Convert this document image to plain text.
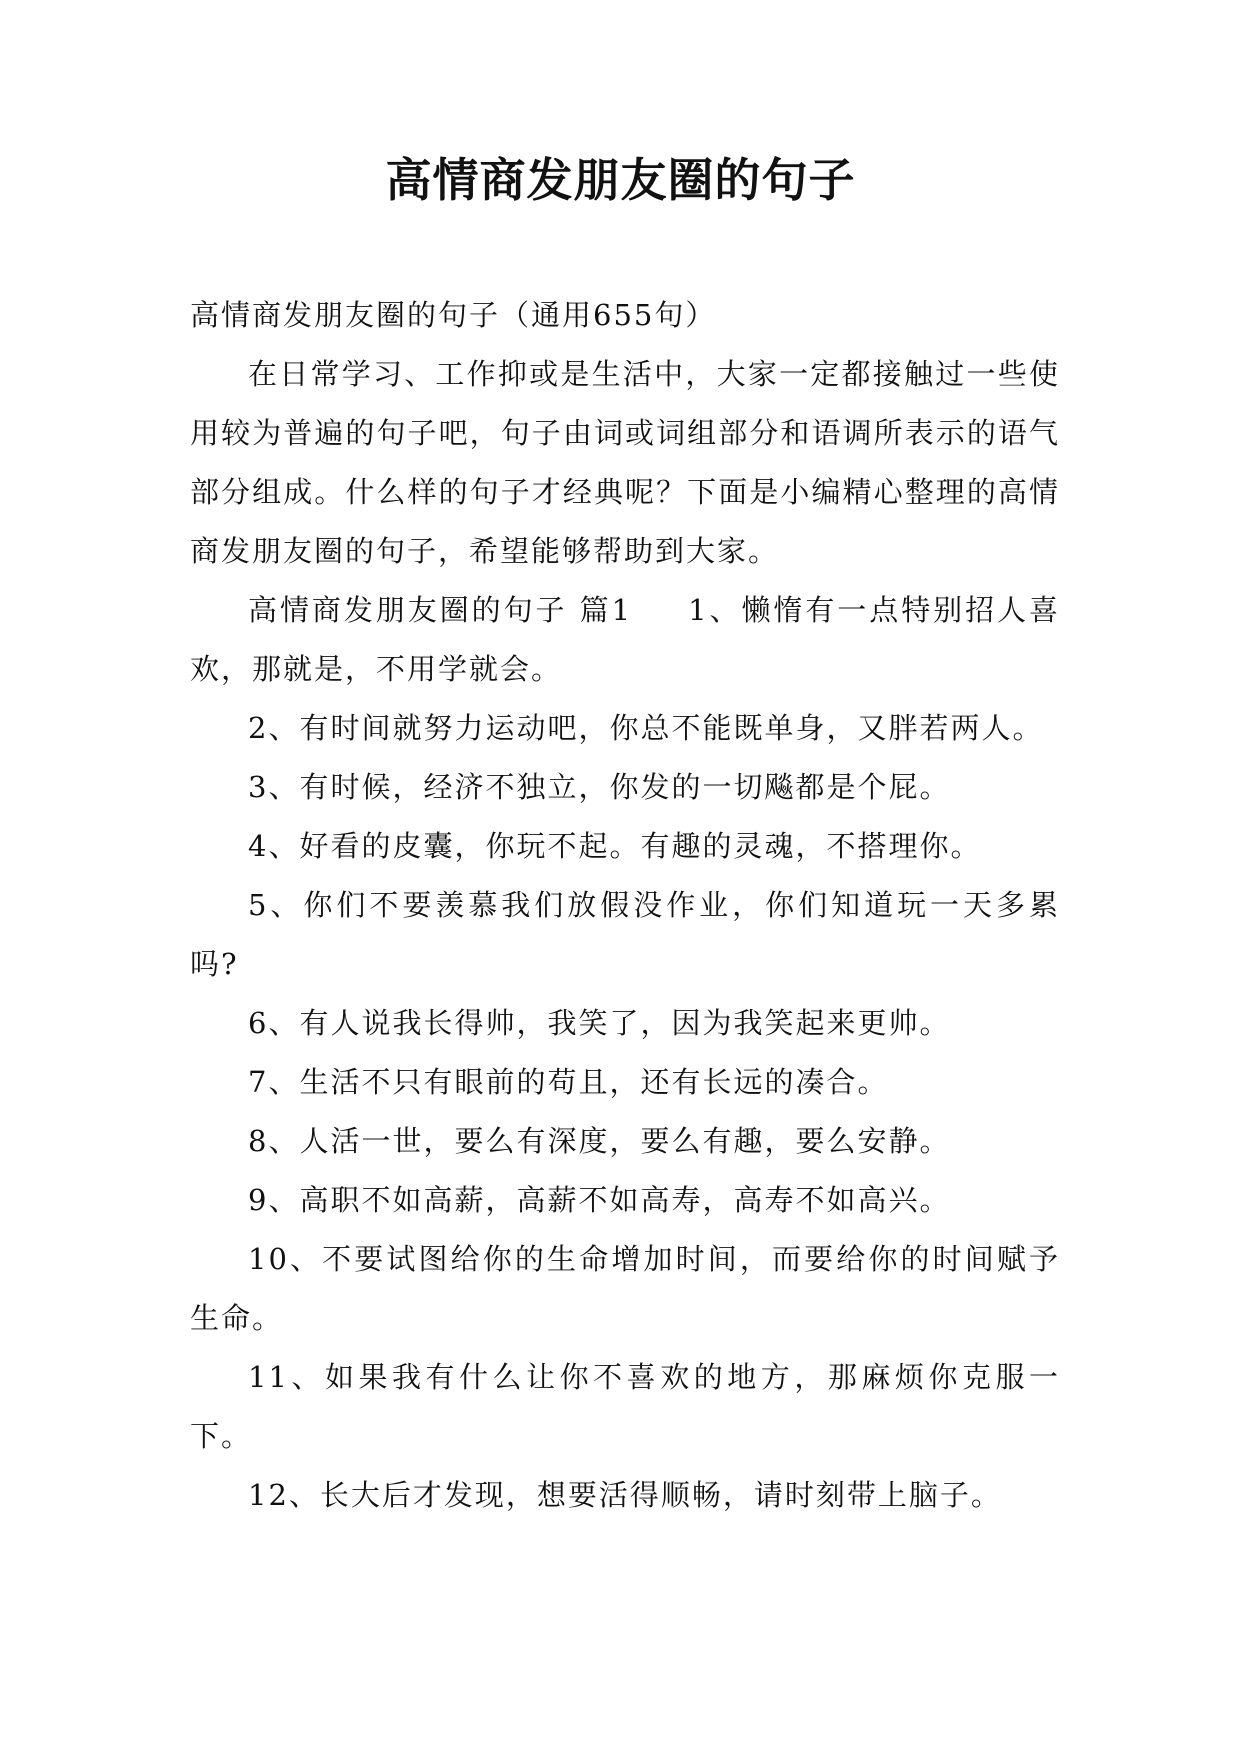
高情商发朋友圈的句子

高情商发朋友圈的句子（通用655句）

在日常学习、工作抑或是生活中，大家一定都接触过一些使用较为普遍的句子吧，句子由词或词组部分和语调所表示的语气部分组成。什么样的句子才经典呢？下面是小编精心整理的高情商发朋友圈的句子，希望能够帮助到大家。

高情商发朋友圈的句子 篇1 1、懒惰有一点特别招人喜欢，那就是，不用学就会。

2、有时间就努力运动吧，你总不能既单身，又胖若两人。

3、有时候，经济不独立，你发的一切飚都是个屁。

4、好看的皮囊，你玩不起。有趣的灵魂，不搭理你。

5、你们不要羡慕我们放假没作业，你们知道玩一天多累吗?

6、有人说我长得帅，我笑了，因为我笑起来更帅。

7、生活不只有眼前的苟且，还有长远的凑合。

8、人活一世，要么有深度，要么有趣，要么安静。

9、高职不如高薪，高薪不如高寿，高寿不如高兴。

10、不要试图给你的生命增加时间，而要给你的时间赋予生命。

11、如果我有什么让你不喜欢的地方，那麻烦你克服一下。

12、长大后才发现，想要活得顺畅，请时刻带上脑子。
